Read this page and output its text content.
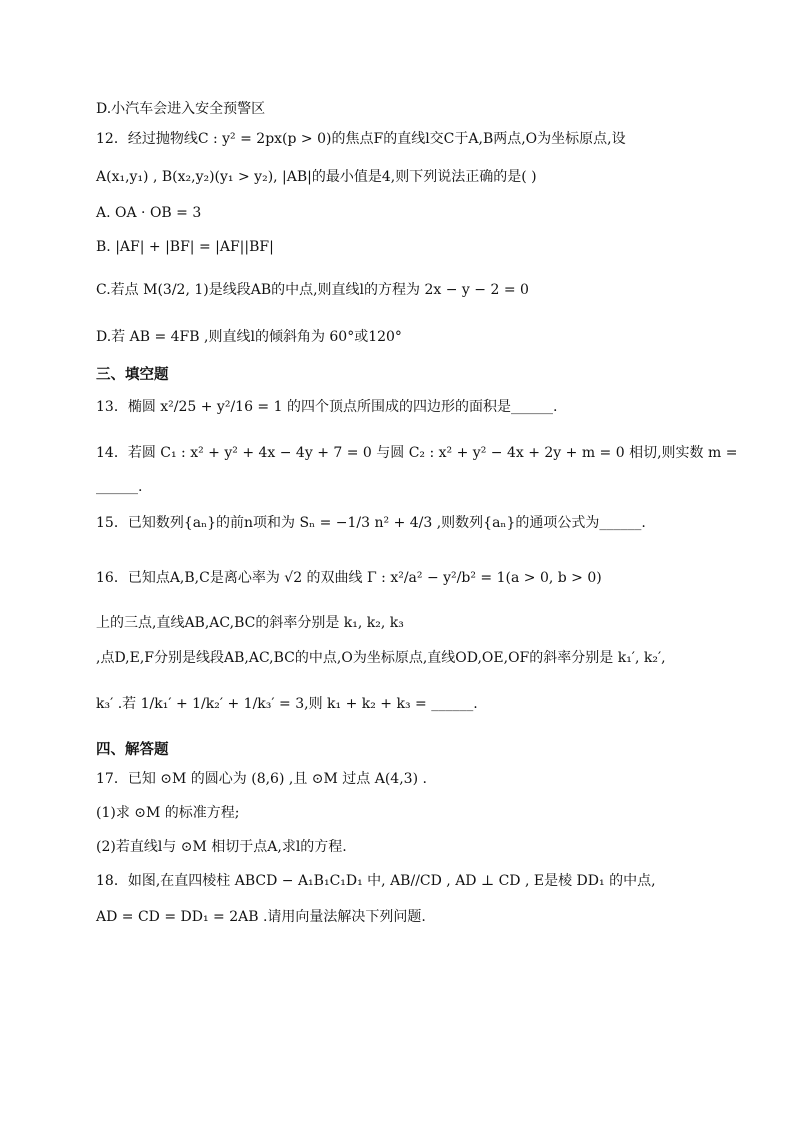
D.小汽车会进入安全预警区
12．经过抛物线C : y² = 2px(p > 0)的焦点F的直线l交C于A,B两点,O为坐标原点,设
A(x₁,y₁) , B(x₂,y₂)(y₁ > y₂), |AB|的最小值是4,则下列说法正确的是( )
A. OA · OB = 3
B. |AF| + |BF| = |AF||BF|
C.若点 M(3/2, 1)是线段AB的中点,则直线l的方程为 2x − y − 2 = 0
D.若 AB = 4FB ,则直线l的倾斜角为 60°或120°
三、填空题
13．椭圆 x²/25 + y²/16 = 1 的四个顶点所围成的四边形的面积是______.
14．若圆 C₁ : x² + y² + 4x − 4y + 7 = 0 与圆 C₂ : x² + y² − 4x + 2y + m = 0 相切,则实数 m =
______.
15．已知数列{aₙ}的前n项和为 Sₙ = −1/3 n² + 4/3 ,则数列{aₙ}的通项公式为______.
16．已知点A,B,C是离心率为 √2 的双曲线 Γ : x²/a² − y²/b² = 1(a > 0, b > 0)
上的三点,直线AB,AC,BC的斜率分别是 k₁, k₂, k₃
,点D,E,F分别是线段AB,AC,BC的中点,O为坐标原点,直线OD,OE,OF的斜率分别是 k₁′, k₂′,
k₃′ .若 1/k₁′ + 1/k₂′ + 1/k₃′ = 3,则 k₁ + k₂ + k₃ = ______.
四、解答题
17．已知 ⊙M 的圆心为 (8,6) ,且 ⊙M 过点 A(4,3) .
(1)求 ⊙M 的标准方程;
(2)若直线l与 ⊙M 相切于点A,求l的方程.
18．如图,在直四棱柱 ABCD − A₁B₁C₁D₁ 中, AB//CD , AD ⊥ CD , E是棱 DD₁ 的中点,
AD = CD = DD₁ = 2AB .请用向量法解决下列问题.
